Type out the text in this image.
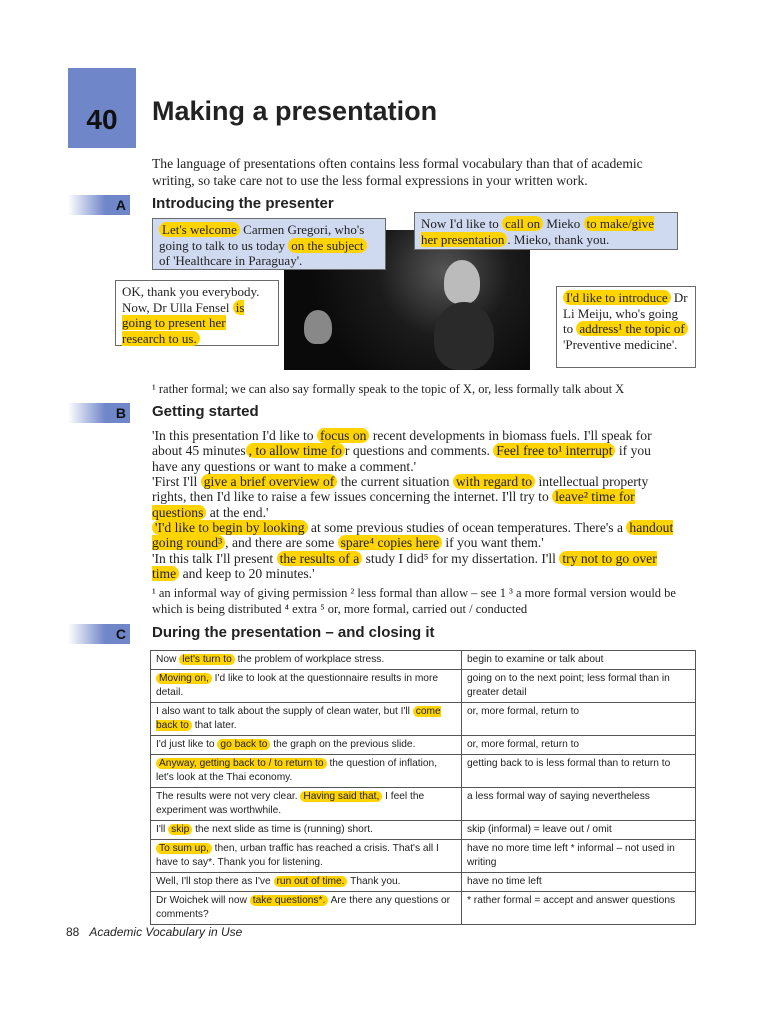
40 Making a presentation
The language of presentations often contains less formal vocabulary than that of academic writing, so take care not to use the less formal expressions in your written work.
A Introducing the presenter
Let's welcome Carmen Gregori, who's going to talk to us today on the subject of 'Healthcare in Paraguay'.
Now I'd like to call on Mieko to make/give her presentation . Mieko, thank you.
OK, thank you everybody. Now, Dr Ulla Fensel is going to present her research to us.
I'd like to introduce Dr Li Meiju, who's going to address¹ the topic of 'Preventive medicine'.
¹ rather formal; we can also say formally speak to the topic of X, or, less formally talk about X
B Getting started
'In this presentation I'd like to focus on recent developments in biomass fuels. I'll speak for about 45 minutes , to allow time fo r questions and comments. Feel free to¹ interrupt if you have any questions or want to make a comment.'
'First I'll give a brief overview of the current situation with regard to intellectual property rights, then I'd like to raise a few issues concerning the internet. I'll try to leave² time for questions at the end.'
'I'd like to begin by looking at some previous studies of ocean temperatures. There's a handout going round³ , and there are some spare⁴ copies here if you want them.'
'In this talk I'll present the results of a study I did⁵ for my dissertation. I'll try not to go over time and keep to 20 minutes.'
¹ an informal way of giving permission ² less formal than allow – see 1 ³ a more formal version would be which is being distributed ⁴ extra ⁵ or, more formal, carried out / conducted
C During the presentation – and closing it
Now let's turn to the problem of workplace stress.	begin to examine or talk about
Moving on, I'd like to look at the questionnaire results in more detail.	going on to the next point; less formal than in greater detail
I also want to talk about the supply of clean water, but I'll come back to that later.	or, more formal, return to
I'd just like to go back to the graph on the previous slide.	or, more formal, return to
Anyway, getting back to / to return to the question of inflation, let's look at the Thai economy.	getting back to is less formal than to return to
The results were not very clear. Having said that, I feel the experiment was worthwhile.	a less formal way of saying nevertheless
I'll skip the next slide as time is (running) short.	skip (informal) = leave out / omit
To sum up, then, urban traffic has reached a crisis. That's all I have to say*. Thank you for listening.	have no more time left * informal – not used in writing
Well, I'll stop there as I've run out of time. Thank you.	have no time left
Dr Woichek will now take questions*. Are there any questions or comments?	* rather formal = accept and answer questions
88 Academic Vocabulary in Use
